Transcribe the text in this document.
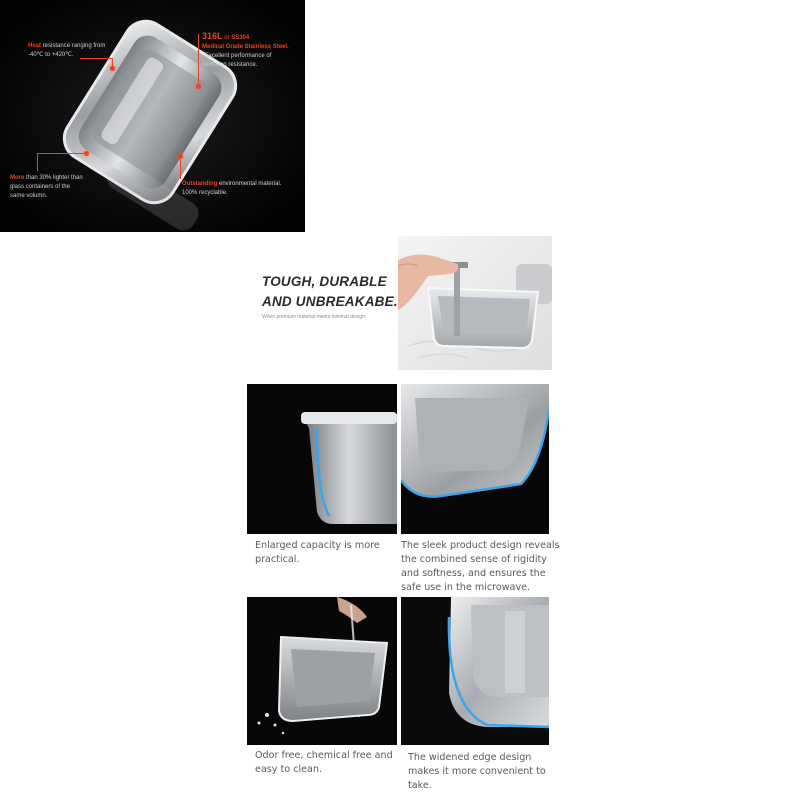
Heat resistance ranging from
-40℃ to +420℃.
316L or SS304
Medical Grade Stainless Steel.
Excellent performance of
corrosion resistance.
More than 30% lighter than
glass containers of the
same volumn.
Outstanding environmental material.
100% recyclable.
TOUGH, DURABLE
AND UNBREAKABE.
When premium material meets minimal design.
Enlarged capacity is more
practical.
The sleek product design reveals
the combined sense of rigidity
and softness, and ensures the
safe use in the microwave.
Odor free, chemical free and
easy to clean.
The widened edge design
makes it more convenient to
take.
